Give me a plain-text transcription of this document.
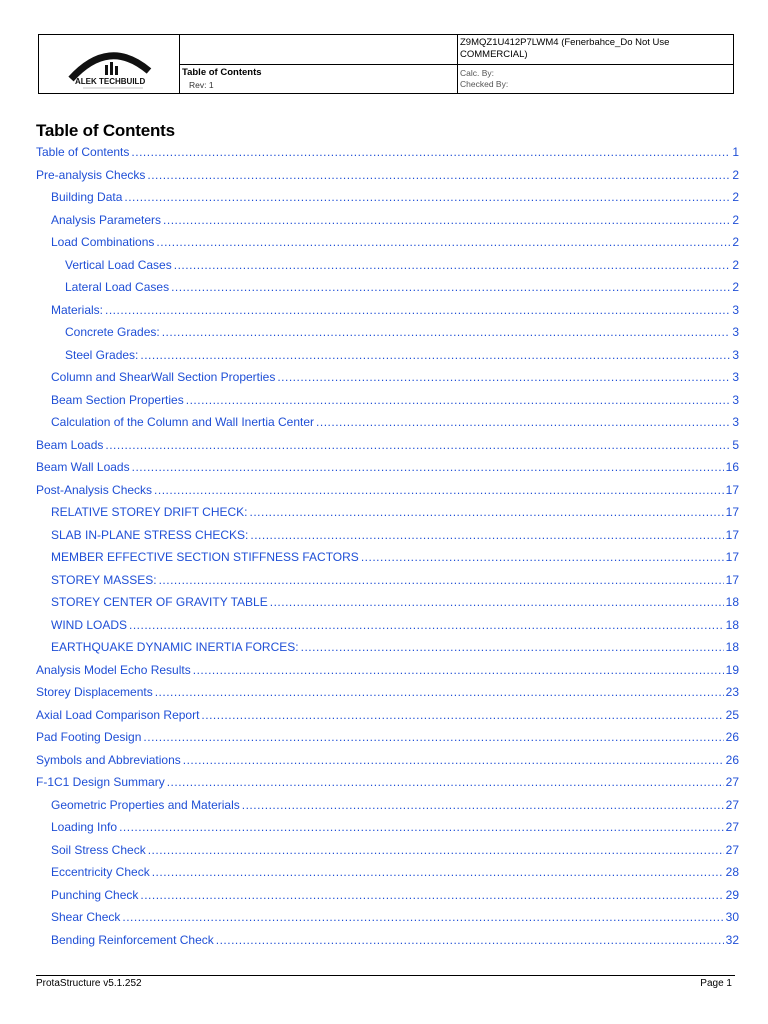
ALEK TECHBUILD
Table of Contents
Rev: 1
Z9MQZ1U412P7LWM4 (Fenerbahce_Do Not Use COMMERCIAL)
Calc. By:
Checked By:
Table of Contents
Table of Contents .....	1
Pre-analysis Checks .....	2
Building Data .....	2
Analysis Parameters .....	2
Load Combinations .....	2
Vertical Load Cases .....	2
Lateral Load Cases .....	2
Materials: .....	3
Concrete Grades: .....	3
Steel Grades: .....	3
Column and ShearWall Section Properties .....	3
Beam Section Properties .....	3
Calculation of the Column and Wall Inertia Center .....	3
Beam Loads .....	5
Beam Wall Loads .....	16
Post-Analysis Checks .....	17
RELATIVE STOREY DRIFT CHECK: .....	17
SLAB IN-PLANE STRESS CHECKS: .....	17
MEMBER EFFECTIVE SECTION STIFFNESS FACTORS .....	17
STOREY MASSES: .....	17
STOREY CENTER OF GRAVITY TABLE .....	18
WIND LOADS .....	18
EARTHQUAKE DYNAMIC INERTIA FORCES: .....	18
Analysis Model Echo Results .....	19
Storey Displacements .....	23
Axial Load Comparison Report .....	25
Pad Footing Design .....	26
Symbols and Abbreviations .....	26
F-1C1 Design Summary .....	27
Geometric Properties and Materials .....	27
Loading Info .....	27
Soil Stress Check .....	27
Eccentricity Check .....	28
Punching Check .....	29
Shear Check .....	30
Bending Reinforcement Check .....	32
ProtaStructure v5.1.252	Page 1
